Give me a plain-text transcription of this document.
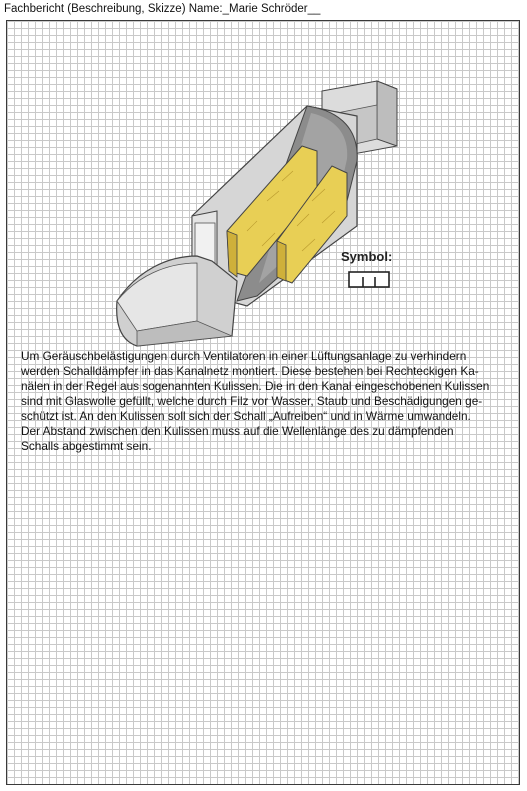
Fachbericht (Beschreibung, Skizze) Name:_Marie Schröder__
Symbol:

Um Geräuschbelästigungen durch Ventilatoren in einer Lüftungsanlage zu verhindern

werden Schalldämpfer in das Kanalnetz montiert. Diese bestehen bei Rechteckigen Ka-

nälen in der Regel aus sogenannten Kulissen. Die in den Kanal eingeschobenen Kulissen

sind mit Glaswolle gefüllt, welche durch Filz vor Wasser, Staub und Beschädigungen ge-

schützt ist. An den Kulissen soll sich der Schall „Aufreiben“ und in Wärme umwandeln.

Der Abstand zwischen den Kulissen muss auf die Wellenlänge des zu dämpfenden

Schalls abgestimmt sein.
